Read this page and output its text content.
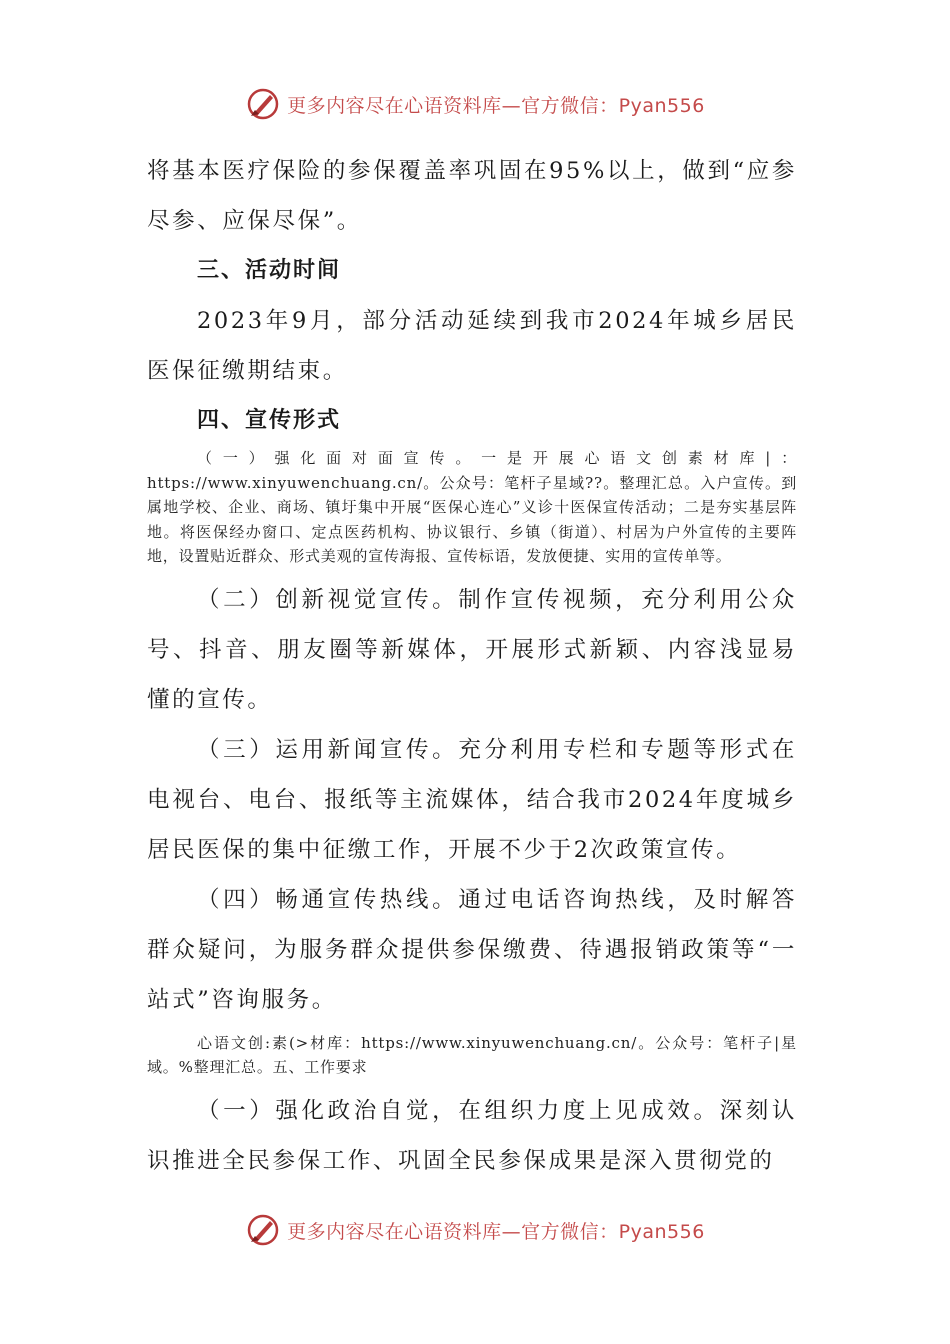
更多内容尽在心语资料库—官方微信：Pyan556

将基本医疗保险的参保覆盖率巩固在95%以上，做到“应参尽参、应保尽保”。

三、活动时间

2023年9月，部分活动延续到我市2024年城乡居民医保征缴期结束。

四、宣传形式

（一）强化面对面宣传。一是开展心语文创素材库|：https://www.xinyuwenchuang.cn/。公众号：笔杆子星域??。整理汇总。入户宣传。到属地学校、企业、商场、镇圩集中开展“医保心连心”义诊十医保宣传活动；二是夯实基层阵地。将医保经办窗口、定点医药机构、协议银行、乡镇（街道）、村居为户外宣传的主要阵地，设置贴近群众、形式美观的宣传海报、宣传标语，发放便捷、实用的宣传单等。

（二）创新视觉宣传。制作宣传视频，充分利用公众号、抖音、朋友圈等新媒体，开展形式新颖、内容浅显易懂的宣传。

（三）运用新闻宣传。充分利用专栏和专题等形式在电视台、电台、报纸等主流媒体，结合我市2024年度城乡居民医保的集中征缴工作，开展不少于2次政策宣传。

（四）畅通宣传热线。通过电话咨询热线，及时解答群众疑问，为服务群众提供参保缴费、待遇报销政策等“一站式”咨询服务。

心语文创:素(>材库：https://www.xinyuwenchuang.cn/。公众号：笔杆子|星域。%整理汇总。五、工作要求

（一）强化政治自觉，在组织力度上见成效。深刻认识推进全民参保工作、巩固全民参保成果是深入贯彻党的

更多内容尽在心语资料库—官方微信：Pyan556
